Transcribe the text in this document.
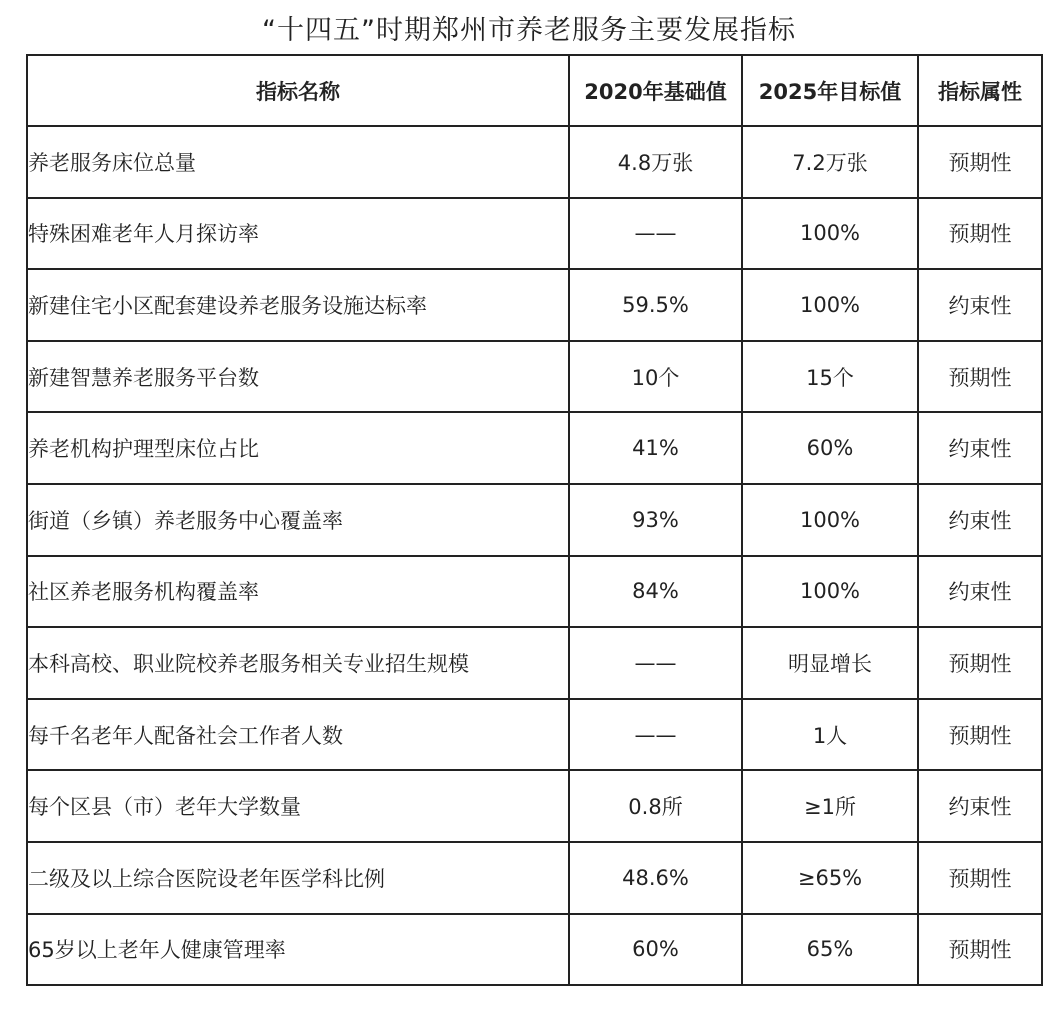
“十四五”时期郑州市养老服务主要发展指标
指标名称	2020年基础值	2025年目标值	指标属性
养老服务床位总量	4.8万张	7.2万张	预期性
特殊困难老年人月探访率	——	100%	预期性
新建住宅小区配套建设养老服务设施达标率	59.5%	100%	约束性
新建智慧养老服务平台数	10个	15个	预期性
养老机构护理型床位占比	41%	60%	约束性
街道（乡镇）养老服务中心覆盖率	93%	100%	约束性
社区养老服务机构覆盖率	84%	100%	约束性
本科高校、职业院校养老服务相关专业招生规模	——	明显增长	预期性
每千名老年人配备社会工作者人数	——	1人	预期性
每个区县（市）老年大学数量	0.8所	≥1所	约束性
二级及以上综合医院设老年医学科比例	48.6%	≥65%	预期性
65岁以上老年人健康管理率	60%	65%	预期性
